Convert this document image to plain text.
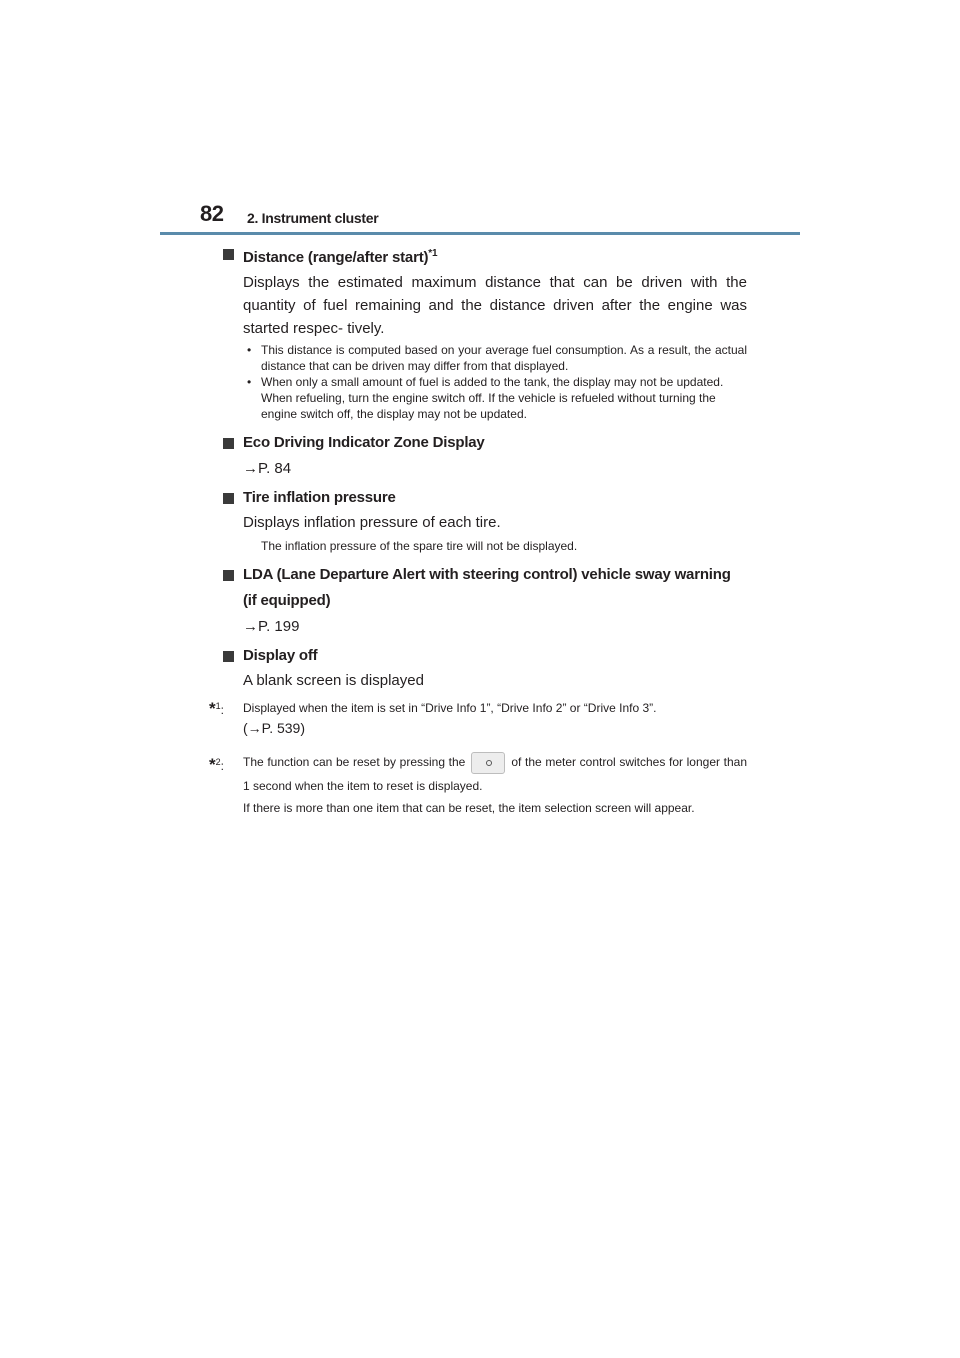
82 2. Instrument cluster
Distance (range/after start)$^{*1}$
Displays the estimated maximum distance that can be driven with the quantity of fuel remaining and the distance driven after the engine was started respec- tively.
• This distance is computed based on your average fuel consumption. As a result, the actual distance that can be driven may differ from that displayed.
• When only a small amount of fuel is added to the tank, the display may not be updated.
When refueling, turn the engine switch off. If the vehicle is refueled without turning the engine switch off, the display may not be updated.
Eco Driving Indicator Zone Display
→P. 84
Tire inflation pressure
Displays inflation pressure of each tire.
The inflation pressure of the spare tire will not be displayed.
LDA (Lane Departure Alert with steering control) vehicle sway warning (if equipped)
→P. 199
Display off
A blank screen is displayed
*$^1$: Displayed when the item is set in “Drive Info 1”, “Drive Info 2” or “Drive Info 3”.
(→P. 539)
*$^2$: The function can be reset by pressing the	of the meter control switches for longer than 1 second when the item to reset is displayed.
If there is more than one item that can be reset, the item selection screen will appear.
